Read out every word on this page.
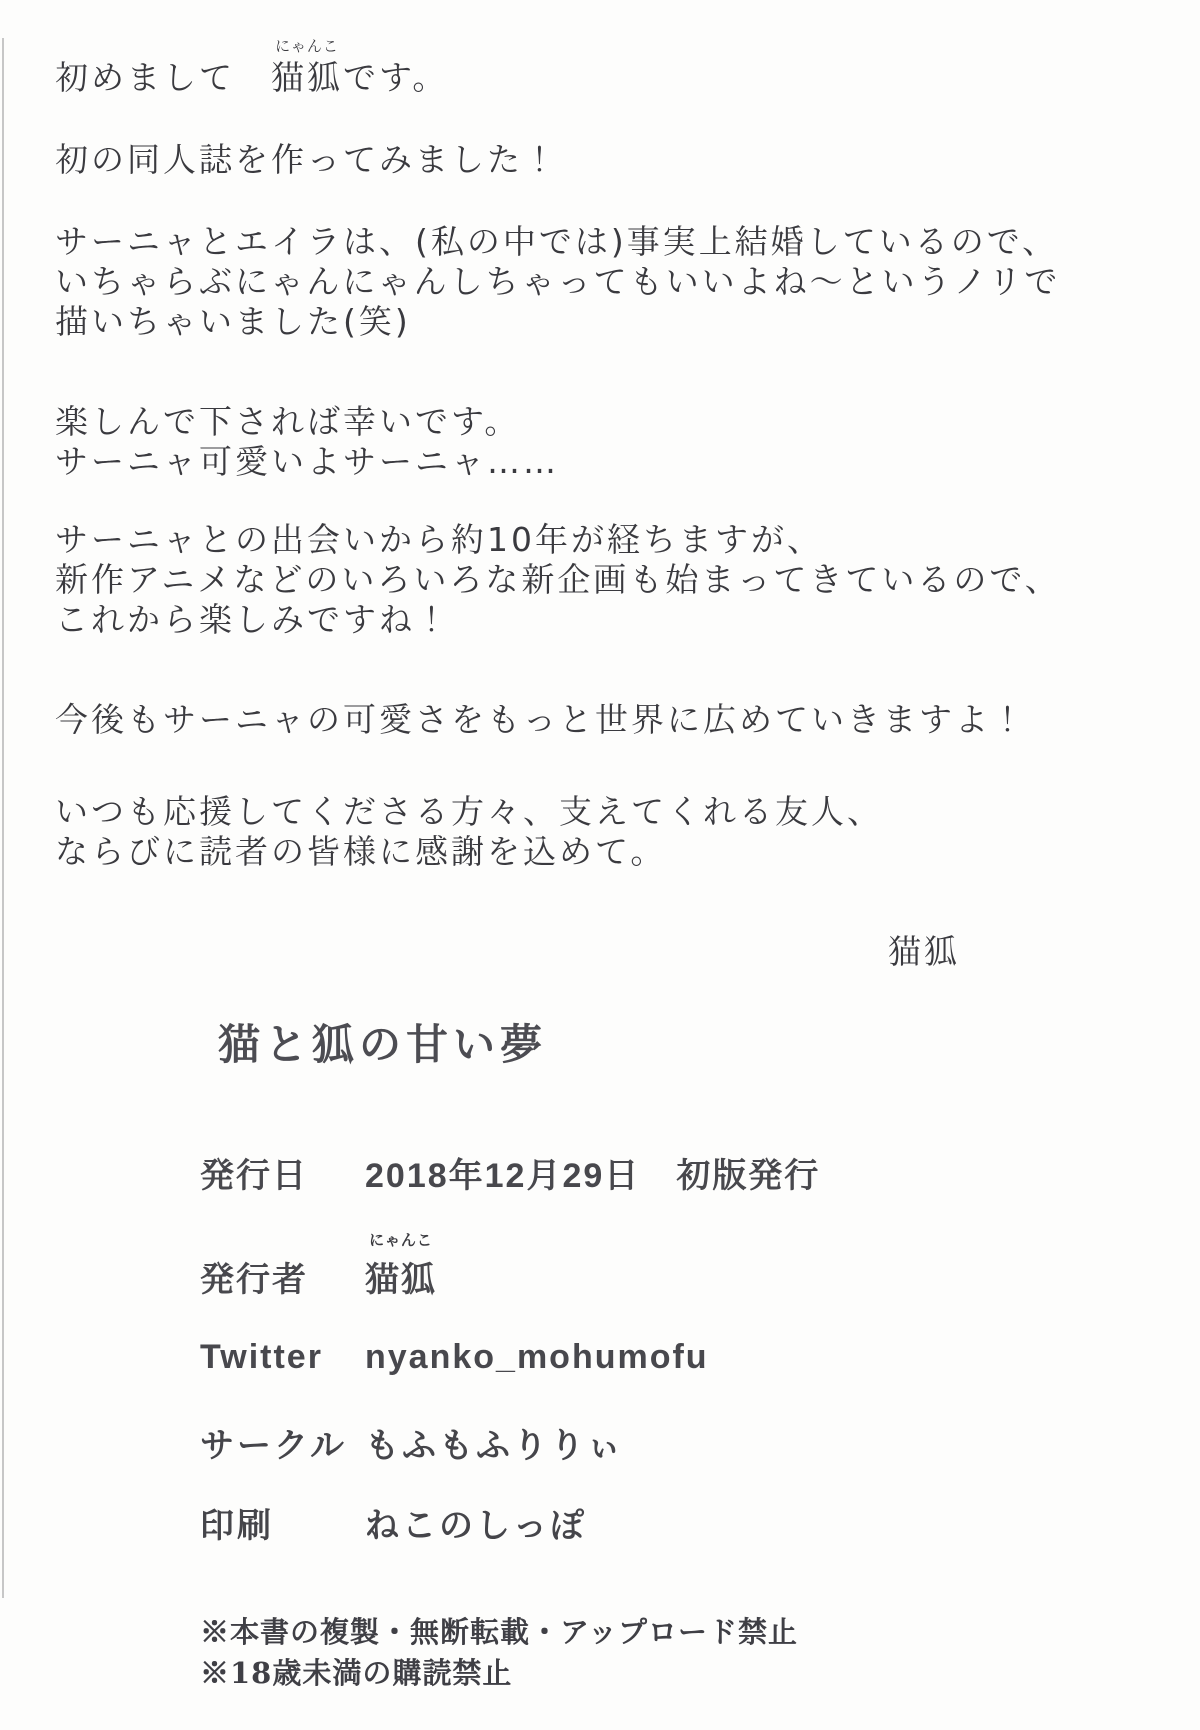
初めまして　
にゃんこ
猫狐です。
初の同人誌を作ってみました！
サーニャとエイラは、(私の中では)事実上結婚しているので、
いちゃらぶにゃんにゃんしちゃってもいいよね〜というノリで
描いちゃいました(笑)
楽しんで下されば幸いです。
サーニャ可愛いよサーニャ……
サーニャとの出会いから約10年が経ちますが、
新作アニメなどのいろいろな新企画も始まってきているので、
これから楽しみですね！
今後もサーニャの可愛さをもっと世界に広めていきますよ！
いつも応援してくださる方々、支えてくれる友人、
ならびに読者の皆様に感謝を込めて。
猫狐
猫と狐の甘い夢
発行日 2018年12月29日　初版発行
発行者
にゃんこ
猫狐
Twitter nyanko_mohumofu
サークル もふもふりりぃ
印刷	ねこのしっぽ
※本書の複製・無断転載・アップロード禁止
※18歳未満の購読禁止
